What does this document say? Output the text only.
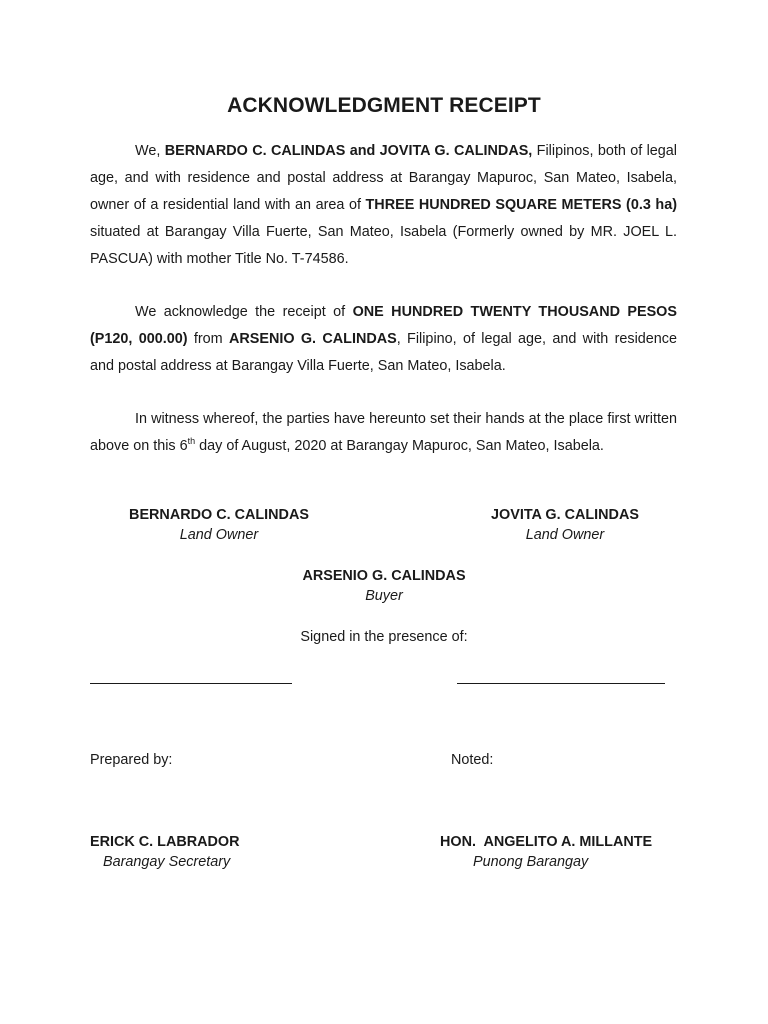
ACKNOWLEDGMENT RECEIPT

We, BERNARDO C. CALINDAS and JOVITA G. CALINDAS, Filipinos, both of legal age, and with residence and postal address at Barangay Mapuroc, San Mateo, Isabela, owner of a residential land with an area of THREE HUNDRED SQUARE METERS (0.3 ha) situated at Barangay Villa Fuerte, San Mateo, Isabela (Formerly owned by MR. JOEL L. PASCUA) with mother Title No. T-74586.

We acknowledge the receipt of ONE HUNDRED TWENTY THOUSAND PESOS (P120, 000.00) from ARSENIO G. CALINDAS, Filipino, of legal age, and with residence and postal address at Barangay Villa Fuerte, San Mateo, Isabela.

In witness whereof, the parties have hereunto set their hands at the place first written above on this 6th day of August, 2020 at Barangay Mapuroc, San Mateo, Isabela.

BERNARDO C. CALINDAS
Land Owner
JOVITA G. CALINDAS
Land Owner
ARSENIO G. CALINDAS
Buyer
Signed in the presence of:
Prepared by:	Noted:
ERICK C. LABRADOR
Barangay Secretary
HON.  ANGELITO A. MILLANTE
Punong Barangay
